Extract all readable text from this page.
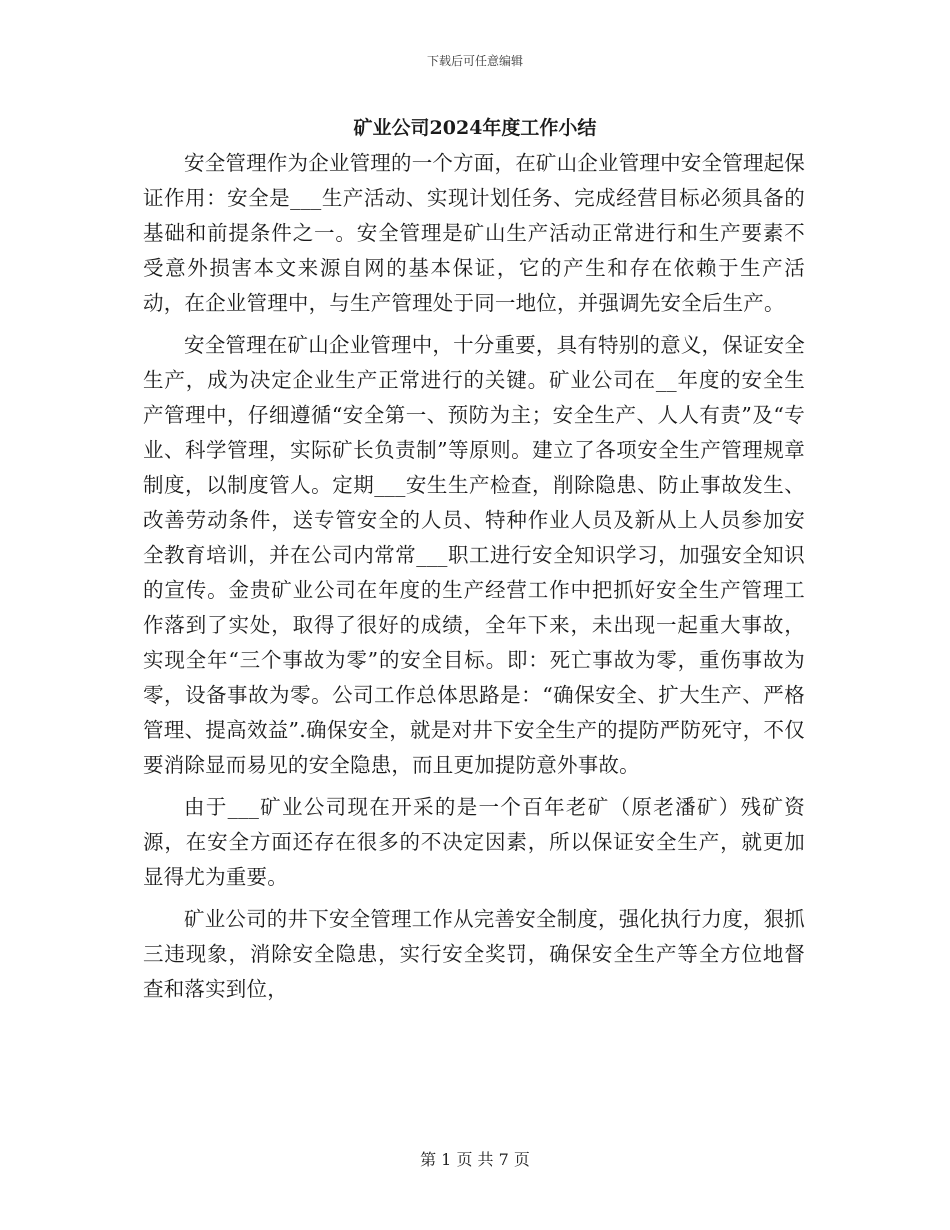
下载后可任意编辑
矿业公司2024年度工作小结

安全管理作为企业管理的一个方面，在矿山企业管理中安全管理起保证作用：安全是___生产活动、实现计划任务、完成经营目标必须具备的基础和前提条件之一。安全管理是矿山生产活动正常进行和生产要素不受意外损害本文来源自网的基本保证，它的产生和存在依赖于生产活动，在企业管理中，与生产管理处于同一地位，并强调先安全后生产。

安全管理在矿山企业管理中，十分重要，具有特别的意义，保证安全生产，成为决定企业生产正常进行的关键。矿业公司在__年度的安全生产管理中，仔细遵循“安全第一、预防为主；安全生产、人人有责”及“专业、科学管理，实际矿长负责制”等原则。建立了各项安全生产管理规章制度，以制度管人。定期___安生生产检查，削除隐患、防止事故发生、改善劳动条件，送专管安全的人员、特种作业人员及新从上人员参加安全教育培训，并在公司内常常___职工进行安全知识学习，加强安全知识的宣传。金贵矿业公司在年度的生产经营工作中把抓好安全生产管理工作落到了实处，取得了很好的成绩，全年下来，未出现一起重大事故，实现全年“三个事故为零”的安全目标。即：死亡事故为零，重伤事故为零，设备事故为零。公司工作总体思路是：“确保安全、扩大生产、严格管理、提高效益”.确保安全，就是对井下安全生产的提防严防死守，不仅要消除显而易见的安全隐患，而且更加提防意外事故。

由于___矿业公司现在开采的是一个百年老矿（原老潘矿）残矿资源，在安全方面还存在很多的不决定因素，所以保证安全生产，就更加显得尤为重要。

矿业公司的井下安全管理工作从完善安全制度，强化执行力度，狠抓三违现象，消除安全隐患，实行安全奖罚，确保安全生产等全方位地督查和落实到位，

第 1 页 共 7 页
